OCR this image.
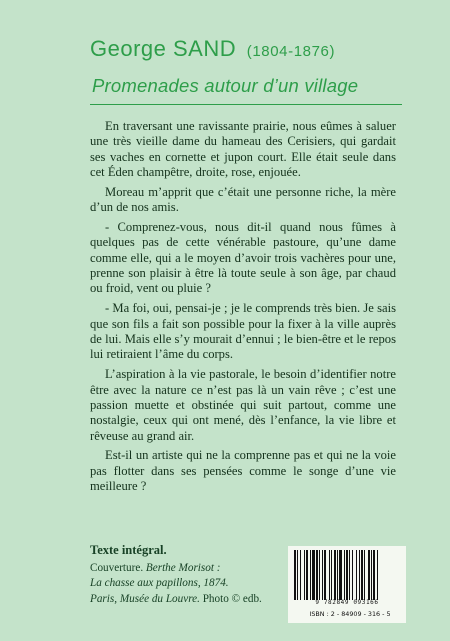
George SAND (1804-1876)
Promenades autour d’un village

En traversant une ravissante prairie, nous eûmes à saluer une très vieille dame du hameau des Cerisiers, qui gardait ses vaches en cornette et jupon court. Elle était seule dans cet Éden champêtre, droite, rose, enjouée.

Moreau m’apprit que c’était une personne riche, la mère d’un de nos amis.

- Comprenez-vous, nous dit-il quand nous fûmes à quelques pas de cette vénérable pastoure, qu’une dame comme elle, qui a le moyen d’avoir trois vachères pour une, prenne son plaisir à être là toute seule à son âge, par chaud ou froid, vent ou pluie ?

- Ma foi, oui, pensai-je ; je le comprends très bien. Je sais que son fils a fait son possible pour la fixer à la ville auprès de lui. Mais elle s’y mourait d’ennui ; le bien-être et le repos lui retiraient l’âme du corps.

L’aspiration à la vie pastorale, le besoin d’identifier notre être avec la nature ce n’est pas là un vain rêve ; c’est une passion muette et obstinée qui suit partout, comme une nostalgie, ceux qui ont mené, dès l’enfance, la vie libre et rêveuse au grand air.

Est-il un artiste qui ne la comprenne pas et qui ne la voie pas flotter dans ses pensées comme le songe d’une vie meilleure ?

Texte intégral.
Couverture. Berthe Morisot :
La chasse aux papillons, 1874.
Paris, Musée du Louvre. Photo © edb.	9 782849 093166
ISBN : 2 - 84909 - 316 - 5
